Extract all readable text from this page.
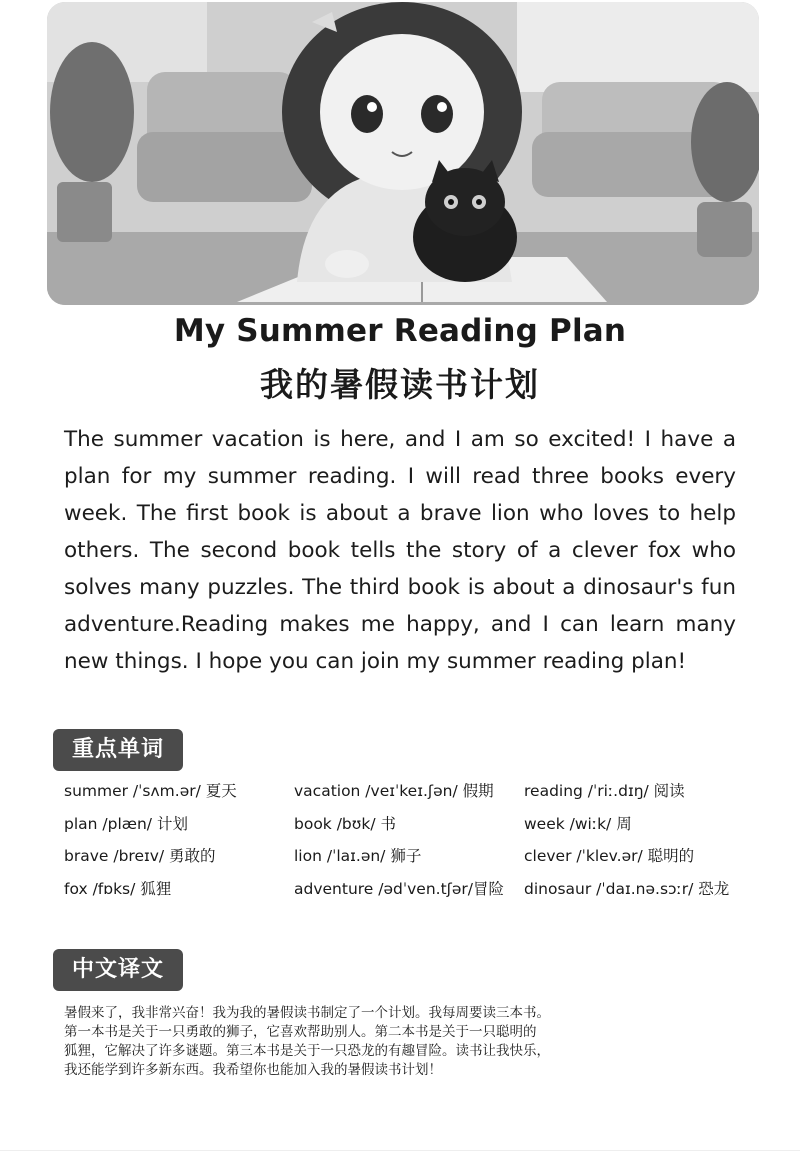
My Summer Reading Plan
我的暑假读书计划
The summer vacation is here, and I am so excited! I have a plan for my summer reading. I will read three books every week. The first book is about a brave lion who loves to help others. The second book tells the story of a clever fox who solves many puzzles. The third book is about a dinosaur's fun adventure.Reading makes me happy, and I can learn many new things. I hope you can join my summer reading plan!
重点单词
summer /ˈsʌm.ər/ 夏天	vacation /veɪˈkeɪ.ʃən/ 假期	reading /ˈriː.dɪŋ/ 阅读
plan /plæn/ 计划	book /bʊk/ 书	week /wiːk/ 周
brave /breɪv/ 勇敢的	lion /ˈlaɪ.ən/ 狮子	clever /ˈklev.ər/ 聪明的
fox /fɒks/ 狐狸	adventure /ədˈven.tʃər/冒险	dinosaur /ˈdaɪ.nə.sɔːr/ 恐龙
中文译文
暑假来了，我非常兴奋！我为我的暑假读书制定了一个计划。我每周要读三本书。
第一本书是关于一只勇敢的狮子，它喜欢帮助别人。第二本书是关于一只聪明的
狐狸，它解决了许多谜题。第三本书是关于一只恐龙的有趣冒险。读书让我快乐，
我还能学到许多新东西。我希望你也能加入我的暑假读书计划！
